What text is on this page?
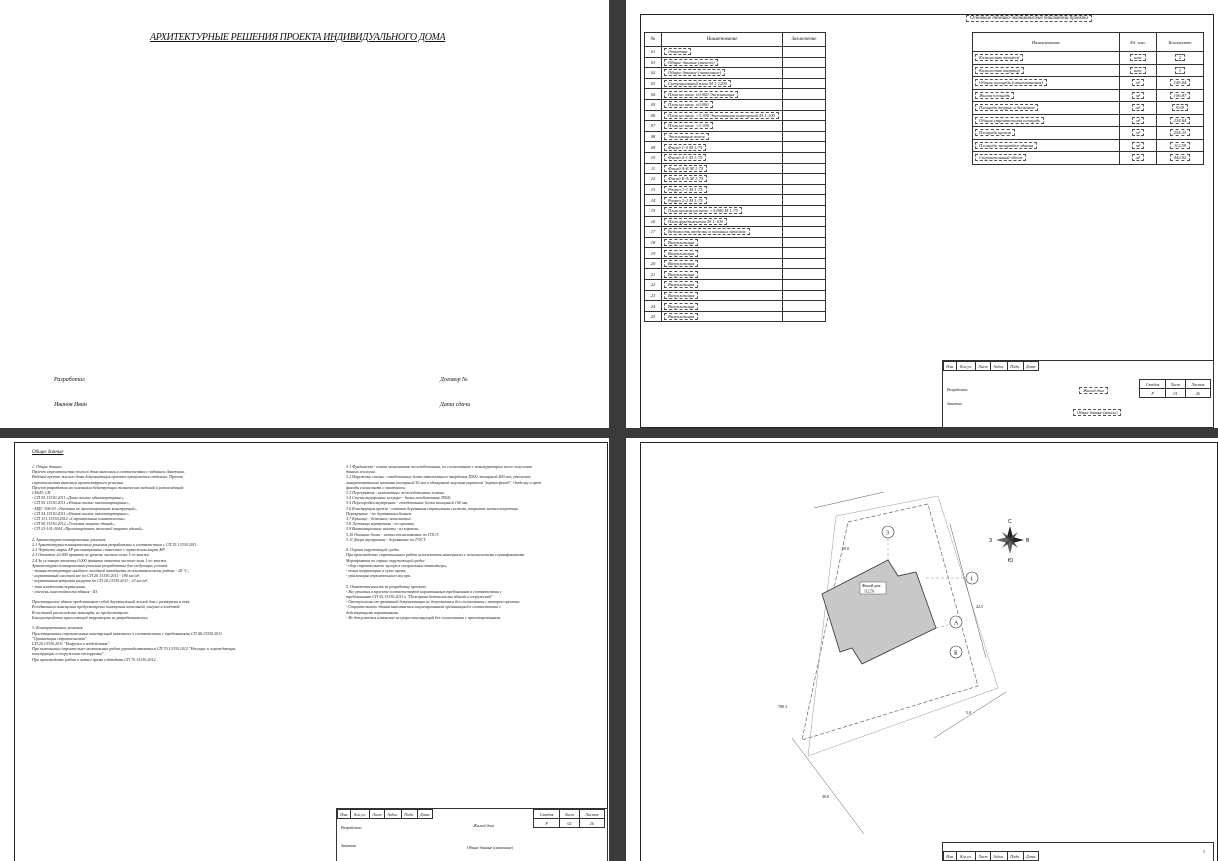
АРХИТЕКТУРНЫЕ РЕШЕНИЯ ПРОЕКТА ИНДИВИДУАЛЬНОГО ДОМА
Разработал
Иванов Иван
Договор №
Дата сдачи
№	Наименование	Заключение
01	Отметка	
01	Общие данные (начало)	
02	Общие данные (окончание)	
03	Ситуационный план М 1:1200	
04	План на отм. ±0.000 Экспликация	
05	План на отм. ±0.000	
06	План на отм. +3.300 Экспликация помещений М 1:100	
07	План на отм. +3.300	
08	Экспликация полов	
09	Фасад 1-4 М 1:75	
10	Фасад 4-1 М 1:75	
11	Фасад А-Б М 1:75	
12	Фасад Б-А М 1:75	
13	Разрез 1-1 М 1:75	
14	Разрез 2-2 М 1:75	
15	План кровли на отм. +5.800 М 1:75	
16	План фундаментов М 1:100	
17	Ведомость отделки и оконных проёмов	
18	Визуализация	
19	Визуализация	
20	Визуализация	
21	Визуализация	
22	Визуализация	
23	Визуализация	
24	Визуализация	
25	Визуализация	
Основные технико-экономические показатели проекта
Наименование	Ед. изм.	Количество
Количество этажей	шт.	2
Количество квартир	шт.	1
Общая площадь (отапливаемая)	м²	145.04
Жилая площадь	м²	106.87
Площадь террас и балконов	м²	9.69
Общая строительная площадь	м²	214.64
Площадь кровли	м²	254.25
Площадь застройки здания	м²	112.59
Строительный объём	м³	442.02
Изм.	Кол.уч.	Лист	№док.	Подп.	Дата
Разработал
Заказчик
Жилой дом
Стадия	Лист	Листов
Р	01	26
Общие данные (начало)
Общие данные
1. Общие данные.
Проект строительства жилого дома выполнен в соответствии с заданием Заказчика.
Рабочий проект жилого дома документация проекта прилагается отдельно. Проект
строительства выполнен архитектурного решения.
Проект разработан на основании действующих технических заданий и рекомендаций:
СНиП, СП
- СП 55.13330.2011 «Дома жилые одноквартирные»,
- СП 55.13330.2011 «Здания жилые многоквартирные»,
- МДС 106-03 «Указания по проектированию конструкций»,
- СП 54.13330.2011 «Здания жилые многоквартирные»,
- СП 131.13330.2012 «Строительная климатология»,
- СП 50.13330.2012 «Тепловая защита зданий»,
- СП 23-101-2004 «Проектирование тепловой защиты зданий»

2. Архитектурно-планировочные решения.
2.1 Архитектурно-планировочные решения разработаны в соответствии с СП 55.13330.2011.
2.2 Чертежи марки АР рассматривать совместно с чертежами марки КР.
2.3 Отметка ±0.000 принята за уровень чистого пола 1-го этажа.
2.4 За условную отметку 0.000 принята отметка чистого пола 1-го этажа.
Архитектурно-планировочные решения разработаны для следующих условий:
- зимняя температура наиболее холодной пятидневки по климатическому району - 28 °С,
- нормативный снеговой вес по СП 20.13330.2011 - 180 кгс/м²,
- нормативная ветровая нагрузка по СП 20.13330.2011 - 23 кгс/м²,
- зона влажности нормальная,
- степень огнестойкости здания - III.

Проектируемое здание представляет собой двухэтажный жилой дом с размерами в осях.
В подвальном помещении предусмотрены помещения котельной, санузла и кладовой.
В гостиной расположена мансарда, не предусмотрено.
Благоустройство прилегающей территории не разрабатывалось.

3. Конструктивные решения.
Проектирование строительных конструкций выполнено в соответствии с требованиями СП 48.13330.2011
"Организация строительства".
СП 20.13330.2011 "Нагрузки и воздействия".
При выполнении строительно-монтажных работ руководствоваться СП 70.13330.2012 "Несущие и ограждающие
конструкции и сооружения от коррозии".
При производстве работ в зимнее время соблюдать СП 70.13330.2012
3.1 Фундамент - плита монолитная железобетонная, по согласованию с конструктором после получения
данных геологии.
3.2 Наружные стены - газобетонные блоки автоклавного твердения D500, толщиной 400 мм, утепление
минераловатными плитами толщиной 50 мм и облицовкой лицевым кирпичом "кирпич фасад". Отделку и цвет
фасада согласовать с заказчиком.
3.3 Перекрытия - монолитные железобетонные плиты.
3.4 Стены внутренние несущие - блоки газобетонные D500.
3.5 Перегородки внутренние - газобетонные блоки толщиной 100 мм.
3.6 Конструкция кровли - скатная деревянная стропильная система, покрытие металлочерепица.
Перекрытие - по деревянным балкам.
3.7 Крыльцо - бетонное, монолитное.
3.8 Лестница внутренняя - по проекту.
3.9 Вентиляционные шахты - из кирпича.
3.10 Оконные блоки - металлопластиковые по ГОСТ.
3.11 Двери внутренние - деревянные по ГОСТ.

4. Охрана окружающей среды.
При производстве строительных работ использовать материалы с гигиеническими сертификатами.
Мероприятия по охране окружающей среды:
- сбор строительного мусора в специальные контейнеры,
- полив территории в сухое время,
- утилизация строительного мусора.

5. Ответственность за разработку проекта.
- Все решения в проекте соответствуют нормативным требованиям в соответствии с
требованиями СП 55.13330.2011 и "Пожарная безопасность зданий и сооружений".
- Отступления от проектной документации не допускаются без согласования с автором проекта.
- Строительство здания выполняется лицензированной организацией в соответствии с
действующими нормативами.
- Не допускается изменение несущих конструкций без согласования с проектировщиком.
Изм.	Кол.уч.	Лист	№док.	Подп.	Дата
Разработал
Заказчик
Жилой дом
Стадия	Лист	Листов
Р	02	26
Общие данные (окончание)
3
1
А
Б
Жилой дом
112.59
700.3
10.0
22.5
30.0
5.0
С
Ю
З	В
Изм.	Кол.уч.	Лист	№док.	Подп.	Дата
3
